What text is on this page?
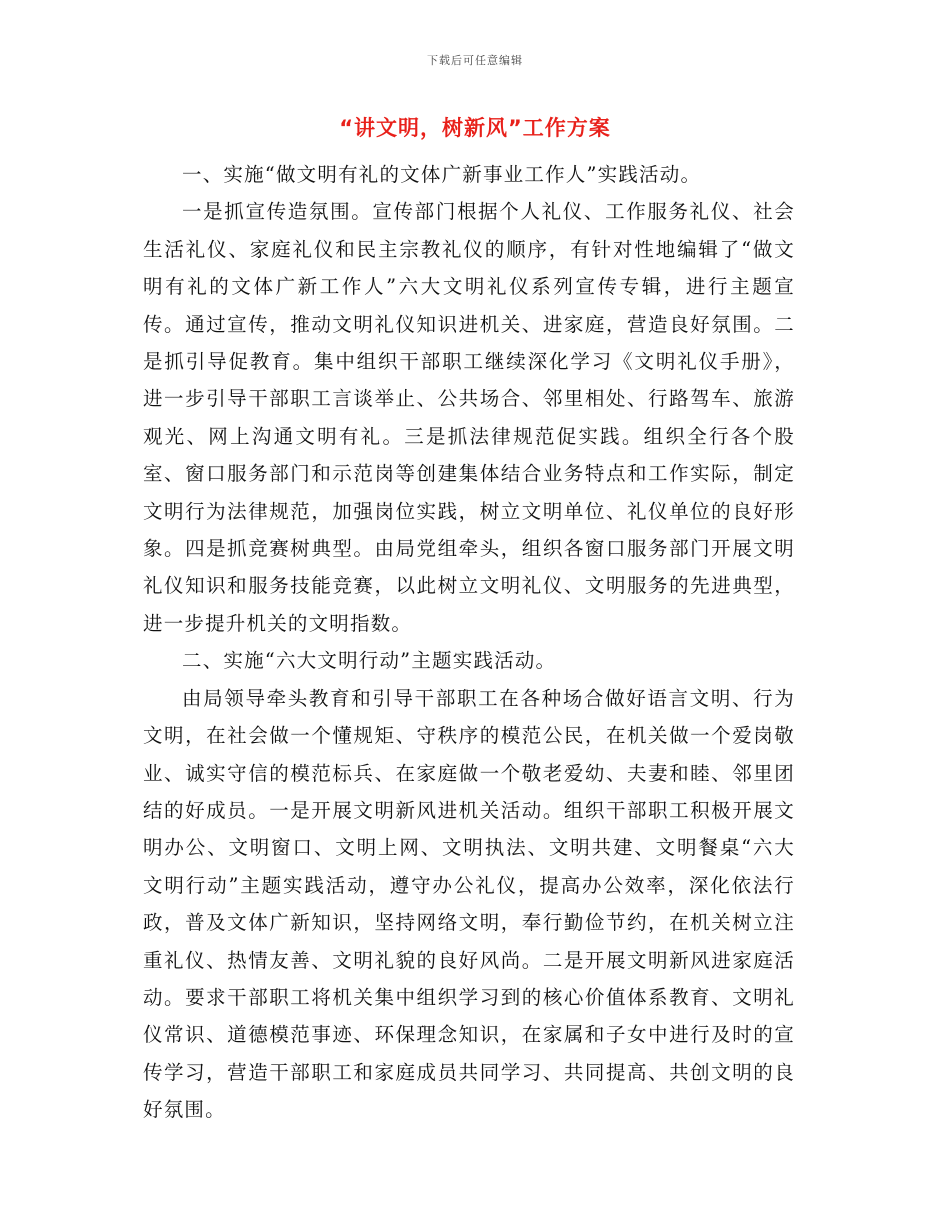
下载后可任意编辑
“讲文明，树新风”工作方案

一、实施“做文明有礼的文体广新事业工作人”实践活动。

一是抓宣传造氛围。宣传部门根据个人礼仪、工作服务礼仪、社会生活礼仪、家庭礼仪和民主宗教礼仪的顺序，有针对性地编辑了“做文明有礼的文体广新工作人”六大文明礼仪系列宣传专辑，进行主题宣传。通过宣传，推动文明礼仪知识进机关、进家庭，营造良好氛围。二是抓引导促教育。集中组织干部职工继续深化学习《文明礼仪手册》，进一步引导干部职工言谈举止、公共场合、邻里相处、行路驾车、旅游观光、网上沟通文明有礼。三是抓法律规范促实践。组织全行各个股室、窗口服务部门和示范岗等创建集体结合业务特点和工作实际，制定文明行为法律规范，加强岗位实践，树立文明单位、礼仪单位的良好形象。四是抓竞赛树典型。由局党组牵头，组织各窗口服务部门开展文明礼仪知识和服务技能竞赛，以此树立文明礼仪、文明服务的先进典型，进一步提升机关的文明指数。

二、实施“六大文明行动”主题实践活动。

由局领导牵头教育和引导干部职工在各种场合做好语言文明、行为文明，在社会做一个懂规矩、守秩序的模范公民，在机关做一个爱岗敬业、诚实守信的模范标兵、在家庭做一个敬老爱幼、夫妻和睦、邻里团结的好成员。一是开展文明新风进机关活动。组织干部职工积极开展文明办公、文明窗口、文明上网、文明执法、文明共建、文明餐桌“六大文明行动”主题实践活动，遵守办公礼仪，提高办公效率，深化依法行政，普及文体广新知识，坚持网络文明，奉行勤俭节约，在机关树立注重礼仪、热情友善、文明礼貌的良好风尚。二是开展文明新风进家庭活动。要求干部职工将机关集中组织学习到的核心价值体系教育、文明礼仪常识、道德模范事迹、环保理念知识，在家属和子女中进行及时的宣传学习，营造干部职工和家庭成员共同学习、共同提高、共创文明的良好氛围。
